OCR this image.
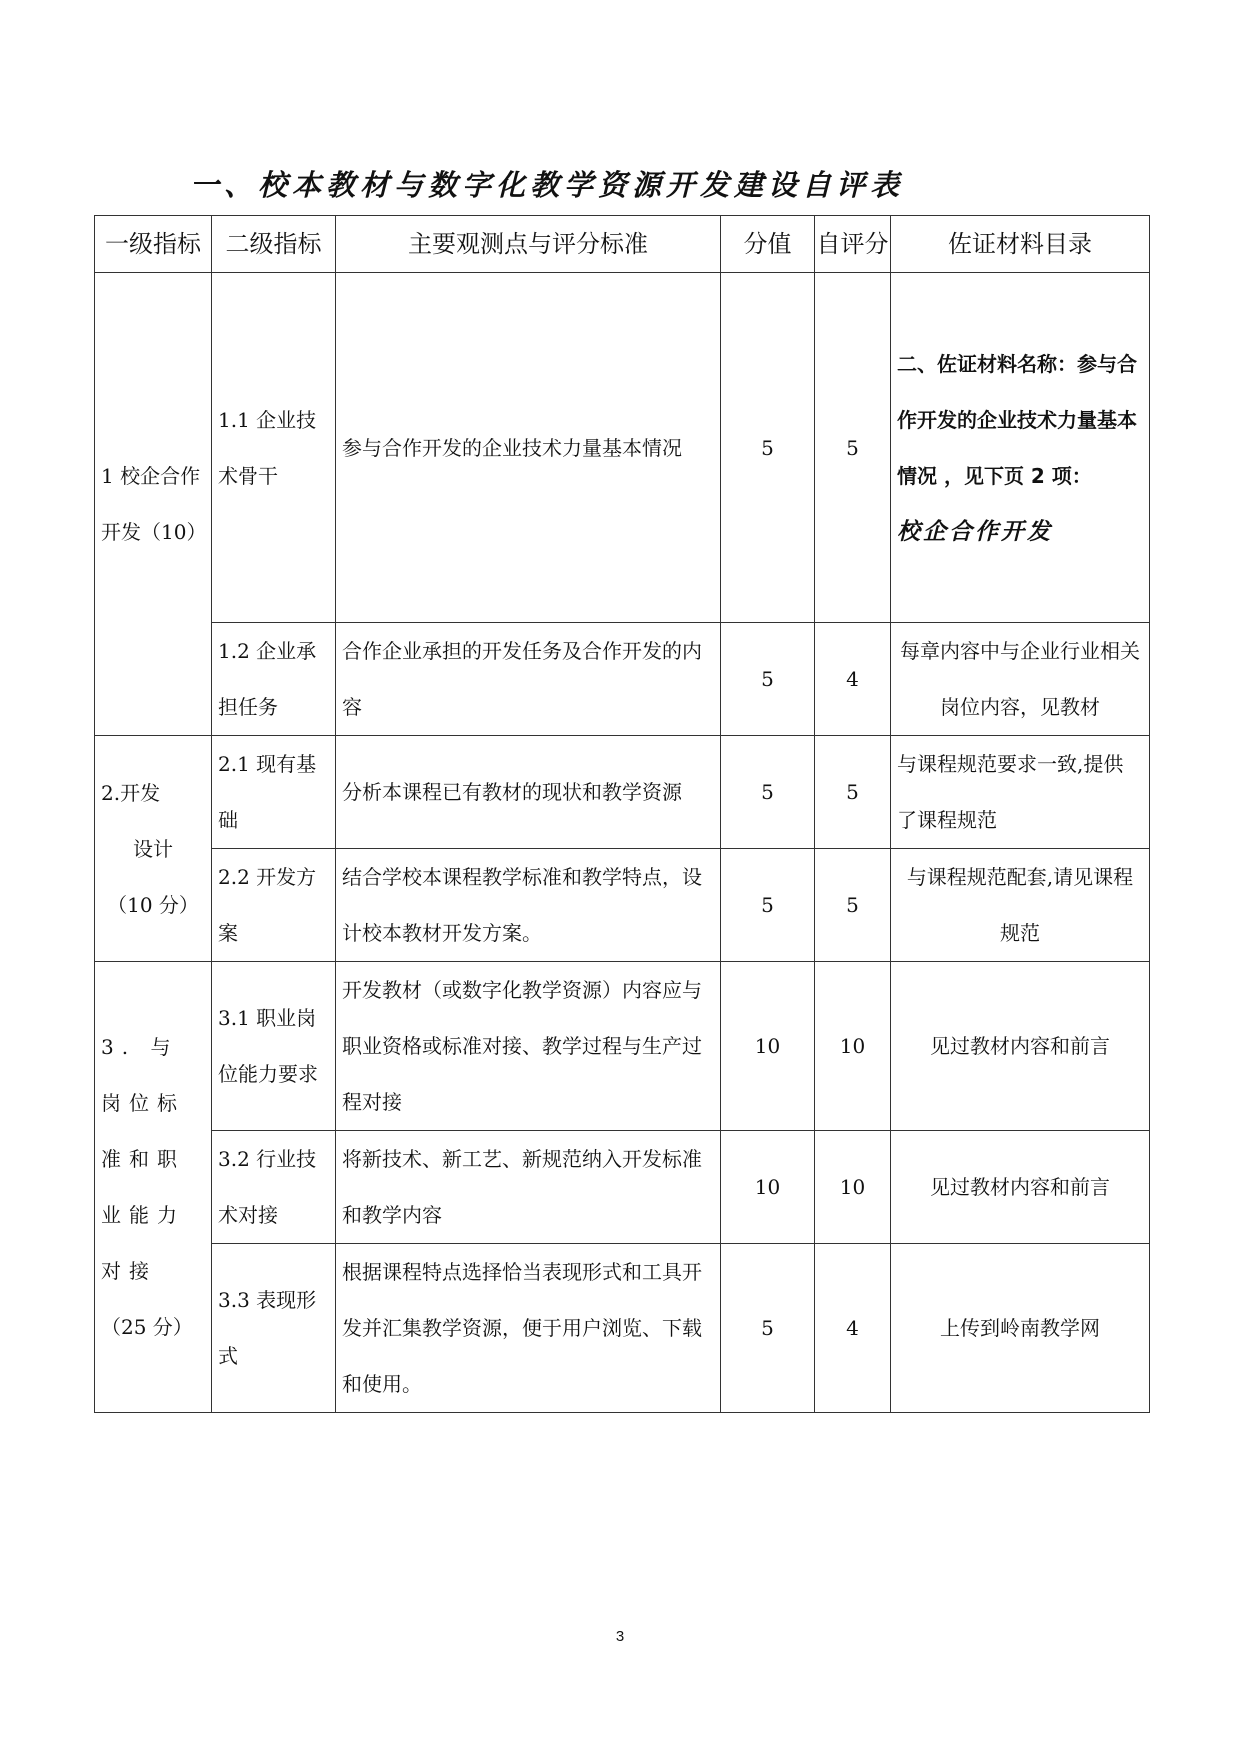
一、校本教材与数字化教学资源开发建设自评表
一级指标	二级指标	主要观测点与评分标准	分值	自评分	佐证材料目录
1 校企合作开发（10）	1.1 企业技术骨干	参与合作开发的企业技术力量基本情况	5	5	二、佐证材料名称：参与合作开发的企业技术力量基本情况 ，见下页 2 项：
校企合作开发

	1.2 企业承担任务	合作企业承担的开发任务及合作开发的内容	5	4	每章内容中与企业行业相关岗位内容，见教材

2.开发
设计
（10 分）	2.1 现有基础	分析本课程已有教材的现状和教学资源	5	5	与课程规范要求一致,提供了课程规范
	2.2 开发方案	结合学校本课程教学标准和教学特点，设计校本教材开发方案。	5	5	与课程规范配套,请见课程规范

3. 与岗位标准和职业能力对接
（25 分）	3.1 职业岗位能力要求	开发教材（或数字化教学资源）内容应与职业资格或标准对接、教学过程与生产过程对接	10	10	见过教材内容和前言
	3.2 行业技术对接	将新技术、新工艺、新规范纳入开发标准和教学内容	10	10	见过教材内容和前言
	3.3 表现形式	根据课程特点选择恰当表现形式和工具开发并汇集教学资源，便于用户浏览、下载和使用。	5	4	上传到岭南教学网
3
